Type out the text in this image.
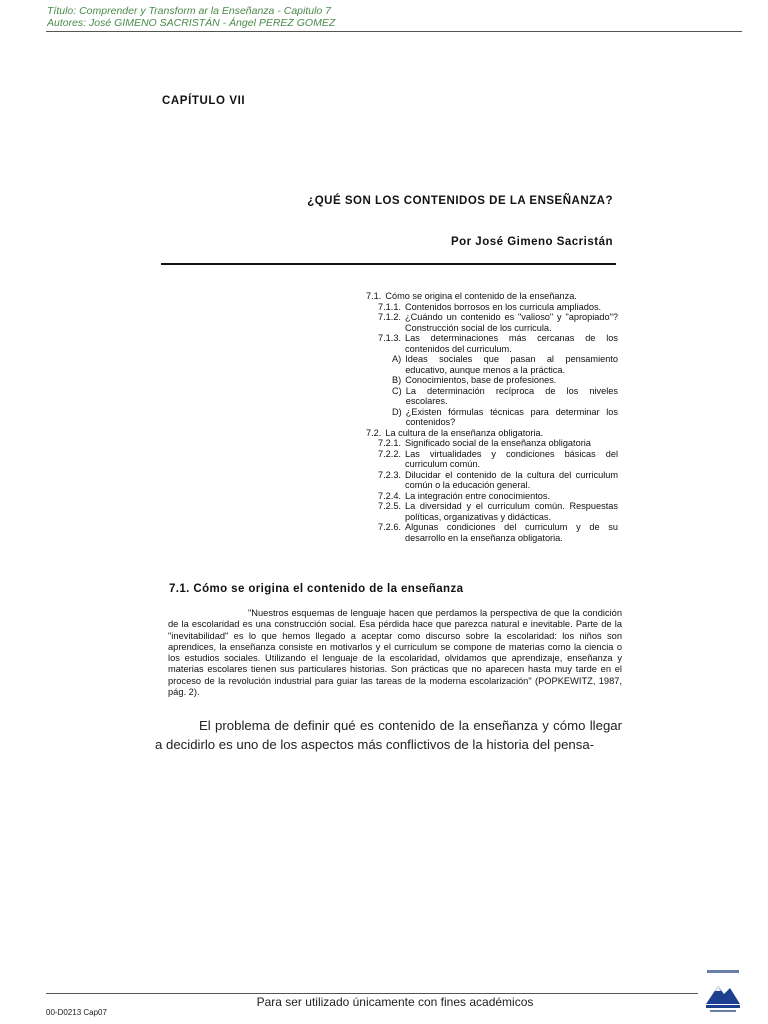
Título: Comprender y Transform ar la Enseñanza - Capitulo 7
Autores: José GIMENO SACRISTÁN - Ángel PEREZ GOMEZ
CAPÍTULO VII
¿QUÉ SON LOS CONTENIDOS DE LA ENSEÑANZA?
Por José Gimeno Sacristán
7.1. Cómo se origina el contenido de la enseñanza.
7.1.1. Contenidos borrosos en los curricula ampliados.
7.1.2. ¿Cuándo un contenido es "valioso" y "apropiado"? Construcción social de los curricula.
7.1.3. Las determinaciones más cercanas de los contenidos del curriculum.
A) Ideas sociales que pasan al pensamiento educativo, aunque menos a la práctica.
B) Conocimientos, base de profesiones.
C) La determinación recíproca de los niveles escolares.
D) ¿Existen fórmulas técnicas para determinar los contenidos?
7.2. La cultura de la enseñanza obligatoria.
7.2.1. Significado social de la enseñanza obligatoria
7.2.2. Las virtualidades y condiciones básicas del curriculum común.
7.2.3. Dilucidar el contenido de la cultura del curriculum común o la educación general.
7.2.4. La integración entre conocimientos.
7.2.5. La diversidad y el curriculum común. Respuestas políticas, organizativas y didácticas.
7.2.6. Algunas condiciones del curriculum y de su desarrollo en la enseñanza obligatoria.
7.1. Cómo se origina el contenido de la enseñanza
"Nuestros esquemas de lenguaje hacen que perdamos la perspectiva de que la condición de la escolaridad es una construcción social. Esa pérdida hace que parezca natural e inevitable. Parte de la "inevitabilidad" es lo que hemos llegado a aceptar como discurso sobre la escolaridad: los niños son aprendices, la enseñanza consiste en motivarlos y el curriculum se compone de materias como la ciencia o los estudios sociales. Utilizando el lenguaje de la escolaridad, olvidamos que aprendizaje, enseñanza y materias escolares tienen sus particulares historias. Son prácticas que no aparecen hasta muy tarde en el proceso de la revolución industrial para guiar las tareas de la moderna escolarización" (POPKEWITZ, 1987, pág. 2).
El problema de definir qué es contenido de la enseñanza y cómo llegar a decidirlo es uno de los aspectos más conflictivos de la historia del pensa-
Para ser utilizado únicamente con fines académicos
00-D0213 Cap07
